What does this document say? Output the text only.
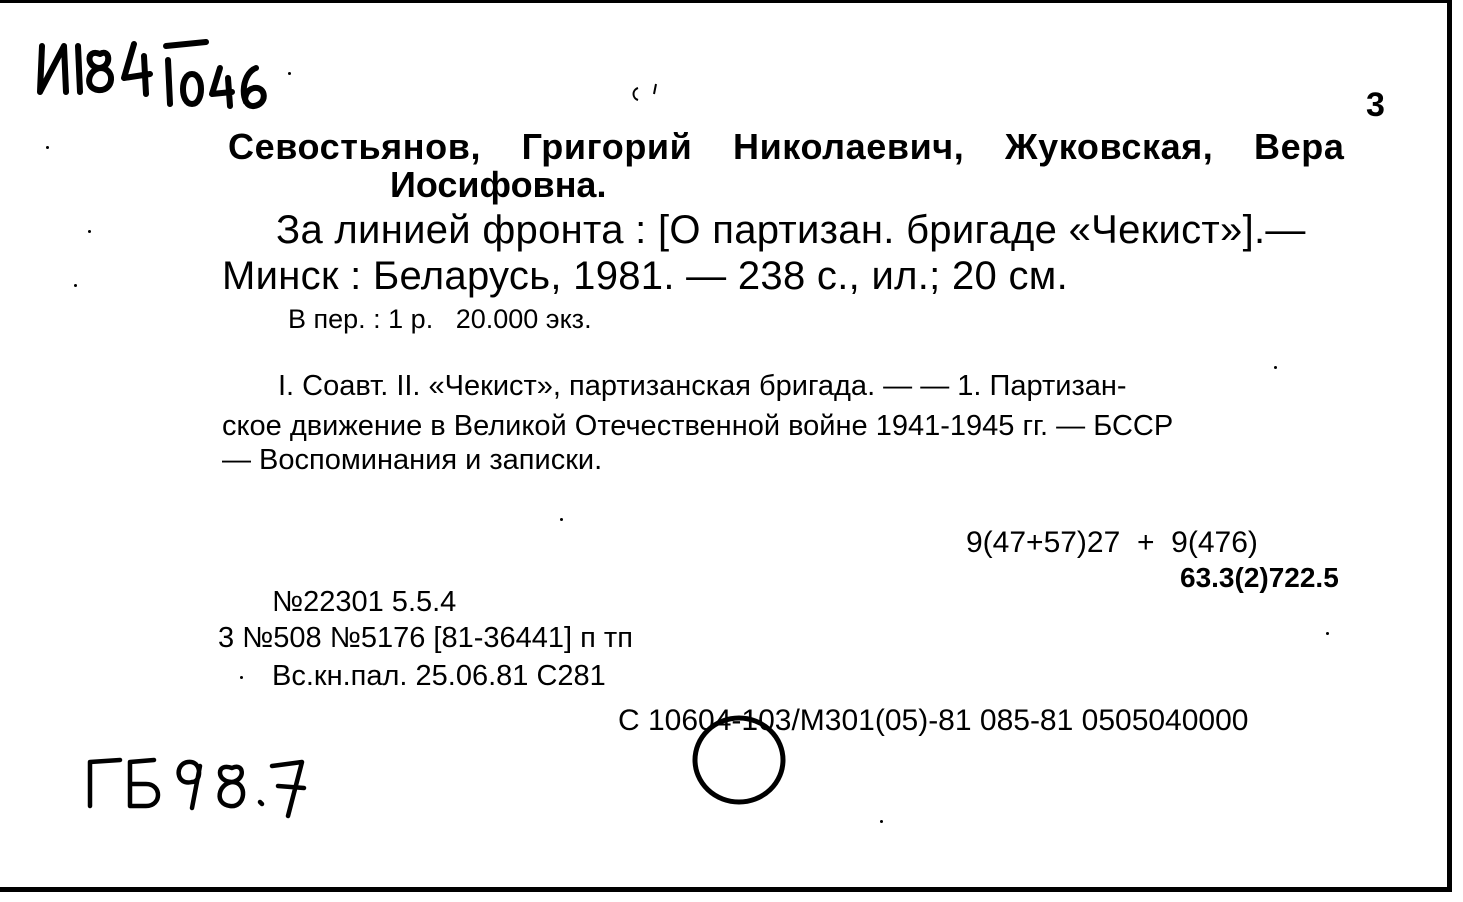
3
Севостьянов, Григорий Николаевич, Жуковская, Вера
Иосифовна.
За линией фронта : [О партизан. бригаде «Чекист»].—
Минск : Беларусь, 1981. — 238 с., ил.; 20 см.
В пер. : 1 р.   20.000 экз.
I. Соавт. II. «Чекист», партизанская бригада. — — 1. Партизан-
ское движение в Великой Отечественной войне 1941-1945 гг. — БССР
— Воспоминания и записки.
9(47+57)27  +  9(476)
63.3(2)722.5
№22301 5.5.4
3 №508 №5176 [81-36441] п тп
Вс.кн.пал. 25.06.81 С281
С 10604-103/М301(05)-81 085-81 0505040000
